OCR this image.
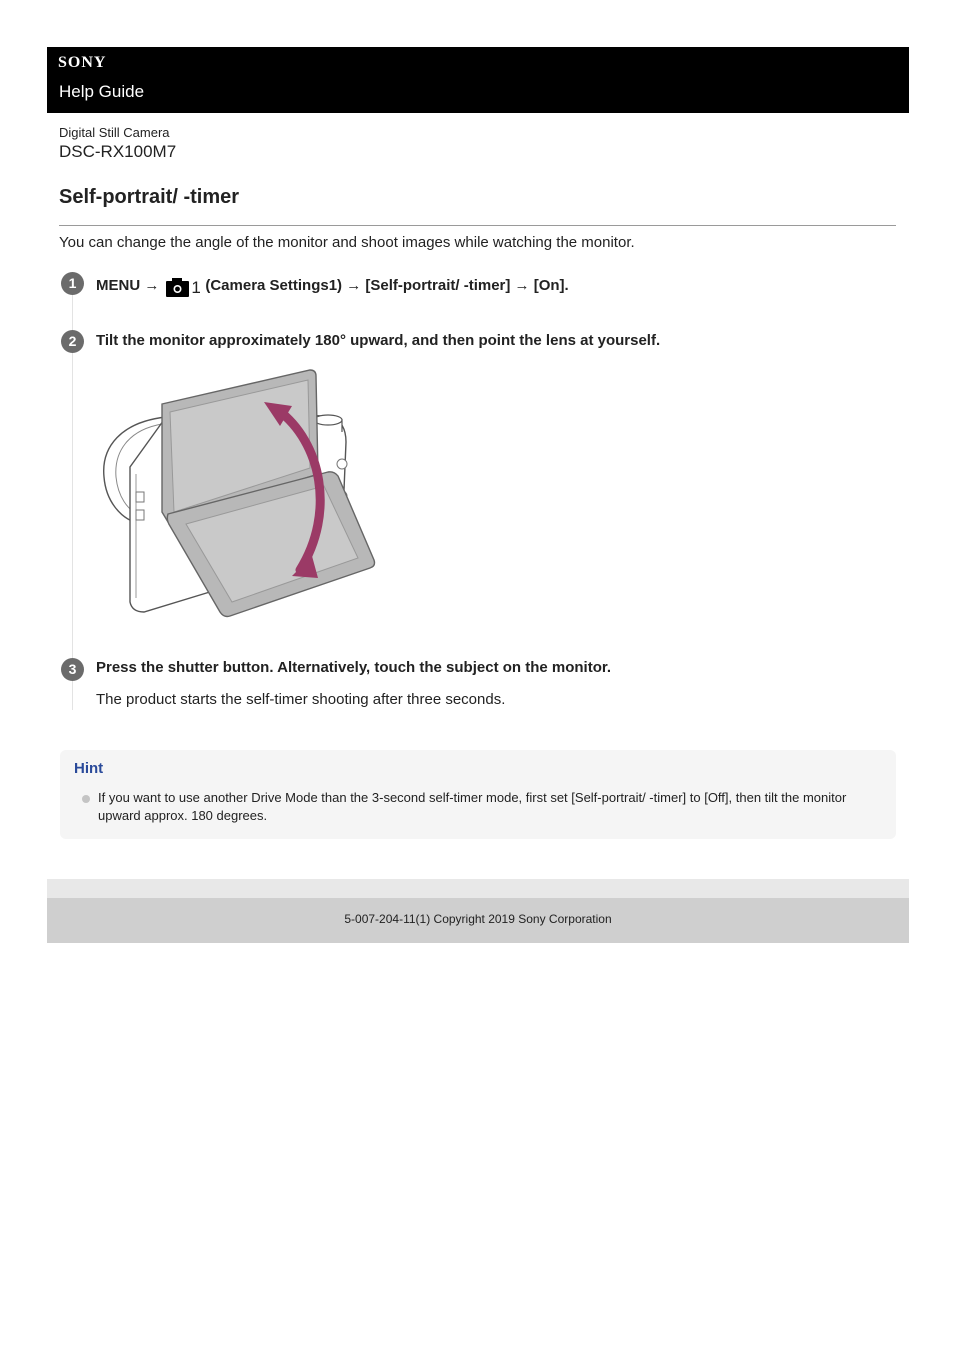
SONY
Help Guide
Digital Still Camera
DSC-RX100M7
Self-portrait/ -timer
You can change the angle of the monitor and shoot images while watching the monitor.
1	MENU → 1 (Camera Settings1) → [Self-portrait/ -timer] → [On].
2	Tilt the monitor approximately 180° upward, and then point the lens at yourself.
3	Press the shutter button. Alternatively, touch the subject on the monitor.
The product starts the self-timer shooting after three seconds.
Hint
If you want to use another Drive Mode than the 3-second self-timer mode, first set [Self-portrait/ -timer] to [Off], then tilt the monitor upward approx. 180 degrees.
5-007-204-11(1) Copyright 2019 Sony Corporation
